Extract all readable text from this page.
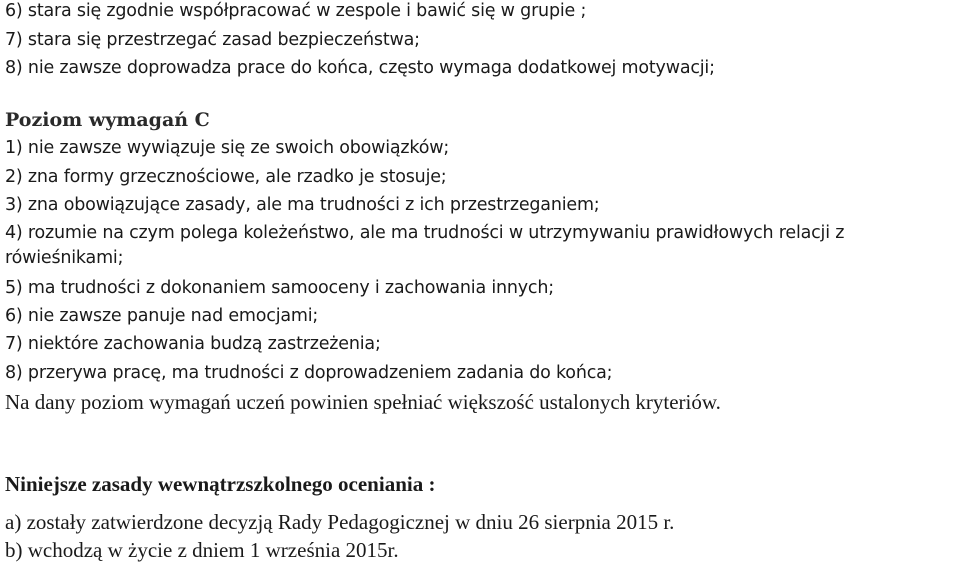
6) stara się zgodnie współpracować w zespole i bawić się w grupie ;
7) stara się przestrzegać zasad bezpieczeństwa;
8) nie zawsze doprowadza prace do końca, często wymaga dodatkowej motywacji;
Poziom wymagań C
1) nie zawsze wywiązuje się ze swoich obowiązków;
2) zna formy grzecznościowe, ale rzadko je stosuje;
3) zna obowiązujące zasady, ale ma trudności z ich przestrzeganiem;
4) rozumie na czym polega koleżeństwo, ale ma trudności w utrzymywaniu prawidłowych relacji z
rówieśnikami;
5) ma trudności z dokonaniem samooceny i zachowania innych;
6) nie zawsze panuje nad emocjami;
7) niektóre zachowania budzą zastrzeżenia;
8) przerywa pracę, ma trudności z doprowadzeniem zadania do końca;
Na dany poziom wymagań uczeń powinien spełniać większość ustalonych kryteriów.
Niniejsze zasady wewnątrzszkolnego oceniania :
a) zostały zatwierdzone decyzją Rady Pedagogicznej w dniu 26 sierpnia 2015 r.
b) wchodzą w życie z dniem 1 września 2015r.
